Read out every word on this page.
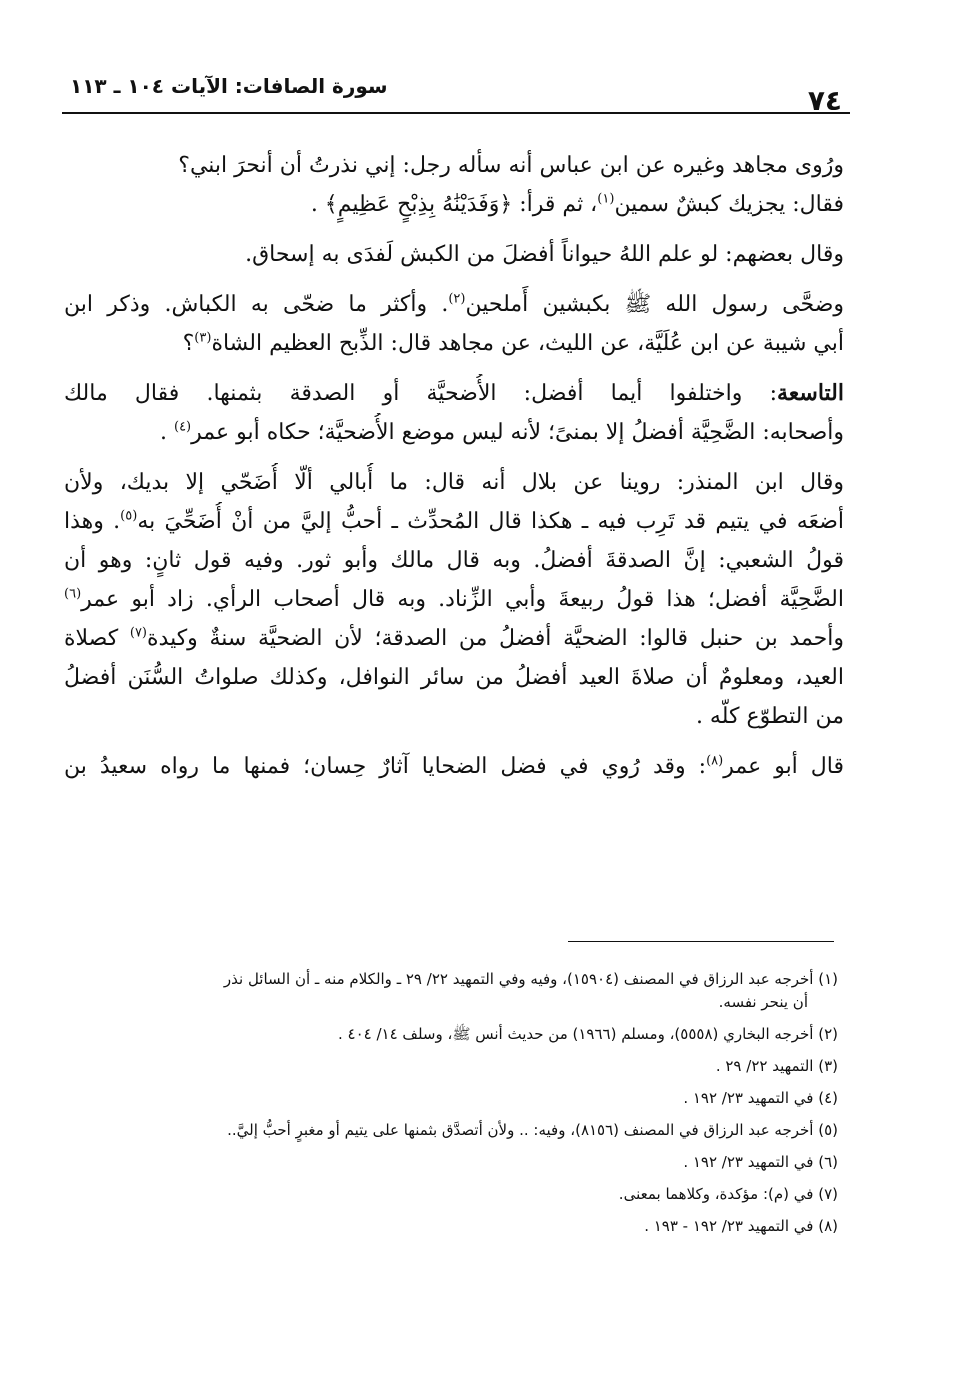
٧٤
سورة الصافات: الآيات ١٠٤ ـ ١١٣
ورُوى مجاهد وغيره عن ابن عباس أنه سأله رجل: إني نذرتُ أن أنحرَ ابني؟
فقال: يجزيك كبشٌ سمين$^{(١)}$، ثم قرأ: ﴿وَفَدَيْنَٰهُ بِذِبْحٍ عَظِيمٍ﴾ .
وقال بعضهم: لو علم اللهُ حيواناً أفضلَ من الكبش لَفدَى به إسحاق.
وضحَّى رسول الله ﷺ بكبشين أَملحين$^{(٢)}$. وأكثر ما ضحّى به الكباش. وذكر ابن
أبي شيبة عن ابن عُلَيَّة، عن الليث، عن مجاهد قال: الذِّبح العظيم الشاة$^{(٣)}$؟
التاسعة: واختلفوا أيما أفضل: الأُضحيَّة أو الصدقة بثمنها. فقال مالك
وأصحابه: الضَّحِيَّة أفضلُ إلا بمنىً؛ لأنه ليس موضع الأُضحيَّة؛ حكاه أبو عمر$^{(٤)}$ .
وقال ابن المنذر: روينا عن بلال أنه قال: ما أُبالي ألّا أُضَحّي إلا بديك، ولأن
أضعَه في يتيم قد تَرِب فيه ـ هكذا قال المُحدِّث ـ أحبُّ إليَّ من أنْ أُضَحِّيَ به$^{(٥)}$. وهذا
قولُ الشعبي: إنَّ الصدقةَ أفضلُ. وبه قال مالك وأبو ثور. وفيه قول ثانٍ: وهو أن
الضَّحِيَّة أفضل؛ هذا قولُ ربيعةَ وأبي الزِّناد. وبه قال أصحاب الرأي. زاد أبو عمر$^{(٦)}$
وأحمد بن حنبل قالوا: الضحيَّة أفضلُ من الصدقة؛ لأن الضحيَّة سنةٌ وكيدة$^{(٧)}$ كصلاة
العيد، ومعلومٌ أن صلاةَ العيد أفضلُ من سائر النوافل، وكذلك صلواتُ السُّنَن أفضلُ
من التطوّع كلّه .
قال أبو عمر$^{(٨)}$: وقد رُوي في فضل الضحايا آثارٌ حِسان؛ فمنها ما رواه سعيدُ بن
(١) أخرجه عبد الرزاق في المصنف (١٥٩٠٤)، وفيه وفي التمهيد ٢٢/ ٢٩ ـ والكلام منه ـ أن السائل نذر
أن ينحر نفسه.
(٢) أخرجه البخاري (٥٥٥٨)، ومسلم (١٩٦٦) من حديث أنس ﷺ، وسلف ١٤/ ٤٠٤ .
(٣) التمهيد ٢٢/ ٢٩ .
(٤) في التمهيد ٢٣/ ١٩٢ .
(٥) أخرجه عبد الرزاق في المصنف (٨١٥٦)، وفيه: .. ولأن أتصدَّق بثمنها على يتيم أو مغبرٍ أحبُّ إليَّ..
(٦) في التمهيد ٢٣/ ١٩٢ .
(٧) في (م): مؤكدة، وكلاهما بمعنى.
(٨) في التمهيد ٢٣/ ١٩٢ - ١٩٣ .
